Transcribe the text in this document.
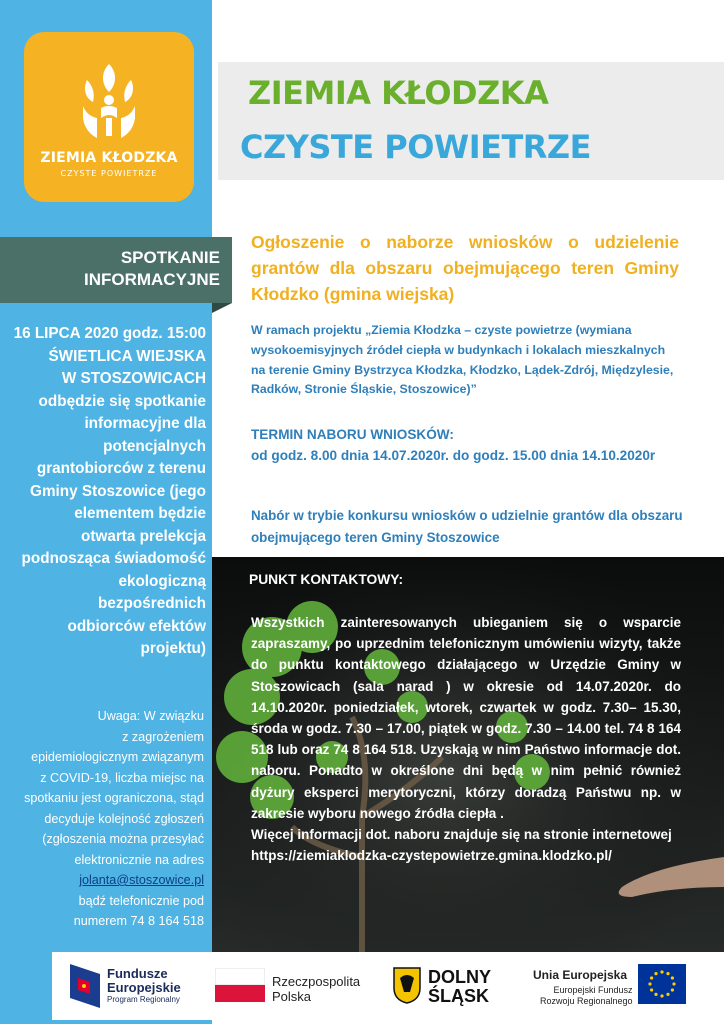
ZIEMIA KŁODZKA
CZYSTE POWIETRZE
ZIEMIA KŁODZKA
CZYSTE POWIETRZE
SPOTKANIE
INFORMACYJNE
16 LIPCA 2020 godz. 15:00
ŚWIETLICA WIEJSKA
W STOSZOWICACH
odbędzie się spotkanie
informacyjne dla
potencjalnych
grantobiorców z terenu
Gminy Stoszowice (jego
elementem będzie
otwarta prelekcja
podnosząca świadomość
ekologiczną
bezpośrednich
odbiorców efektów
projektu)
Uwaga: W związku
z zagrożeniem
epidemiologicznym związanym
z COVID-19, liczba miejsc na
spotkaniu jest ograniczona, stąd
decyduje kolejność zgłoszeń
(zgłoszenia można przesyłać
elektronicznie na adres
jolanta@stoszowice.pl
bądź telefonicznie pod
numerem 74 8 164 518
Ogłoszenie o naborze wniosków o udzielenie grantów dla obszaru obejmującego teren Gminy Kłodzko (gmina wiejska)
W ramach projektu „Ziemia Kłodzka – czyste powietrze (wymiana wysokoemisyjnych źródeł ciepła w budynkach i lokalach mieszkalnych na terenie Gminy Bystrzyca Kłodzka, Kłodzko, Lądek-Zdrój, Międzylesie, Radków, Stronie Śląskie, Stoszowice)”
TERMIN NABORU WNIOSKÓW:
od godz. 8.00 dnia 14.07.2020r. do godz. 15.00 dnia 14.10.2020r
Nabór w trybie konkursu wniosków o udzielnie grantów dla obszaru obejmującego teren Gminy Stoszowice
PUNKT KONTAKTOWY:

Wszystkich zainteresowanych ubieganiem się o wsparcie zapraszamy, po uprzednim telefonicznym umówieniu wizyty, także do punktu kontaktowego działającego w Urzędzie Gminy w Stoszowicach (sala narad ) w okresie od 14.07.2020r. do 14.10.2020r. poniedziałek, wtorek, czwartek w godz. 7.30– 15.30, środa w godz. 7.30 – 17.00, piątek w godz. 7.30 – 14.00 tel. 74 8 164 518 lub oraz 74 8 164 518. Uzyskają w nim Państwo informacje dot. naboru. Ponadto w określone dni będą w nim pełnić również dyżury eksperci merytoryczni, którzy doradzą Państwu np. w zakresie wyboru nowego źródła ciepła .

Więcej informacji dot. naboru znajduje się na stronie internetowej

https://ziemiaklodzka-czystepowietrze.gmina.klodzko.pl/

Fundusze
Europejskie
Program Regionalny
Rzeczpospolita
Polska
DOLNY
ŚLĄSK
Unia Europejska
Europejski Fundusz
Rozwoju Regionalnego
